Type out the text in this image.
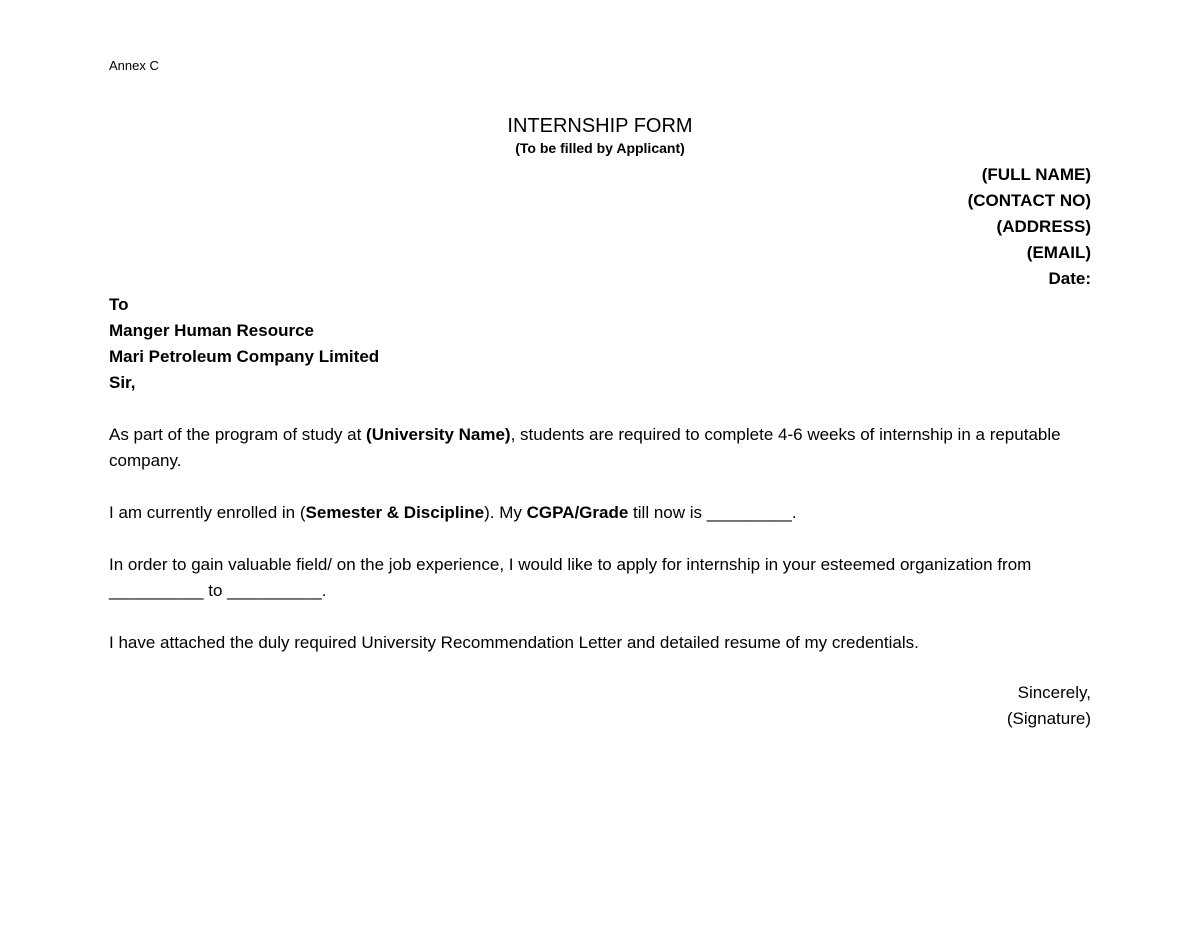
Annex C
INTERNSHIP FORM
(To be filled by Applicant)
(FULL NAME)
(CONTACT NO)
(ADDRESS)
(EMAIL)
Date:
To
Manger Human Resource
Mari Petroleum Company Limited
Sir,

As part of the program of study at (University Name), students are required to complete 4-6 weeks of internship in a reputable company.

I am currently enrolled in (Semester & Discipline). My CGPA/Grade till now is _________.

In order to gain valuable field/ on the job experience, I would like to apply for internship in your esteemed organization from __________ to __________.

I have attached the duly required University Recommendation Letter and detailed resume of my credentials.

Sincerely,
(Signature)
